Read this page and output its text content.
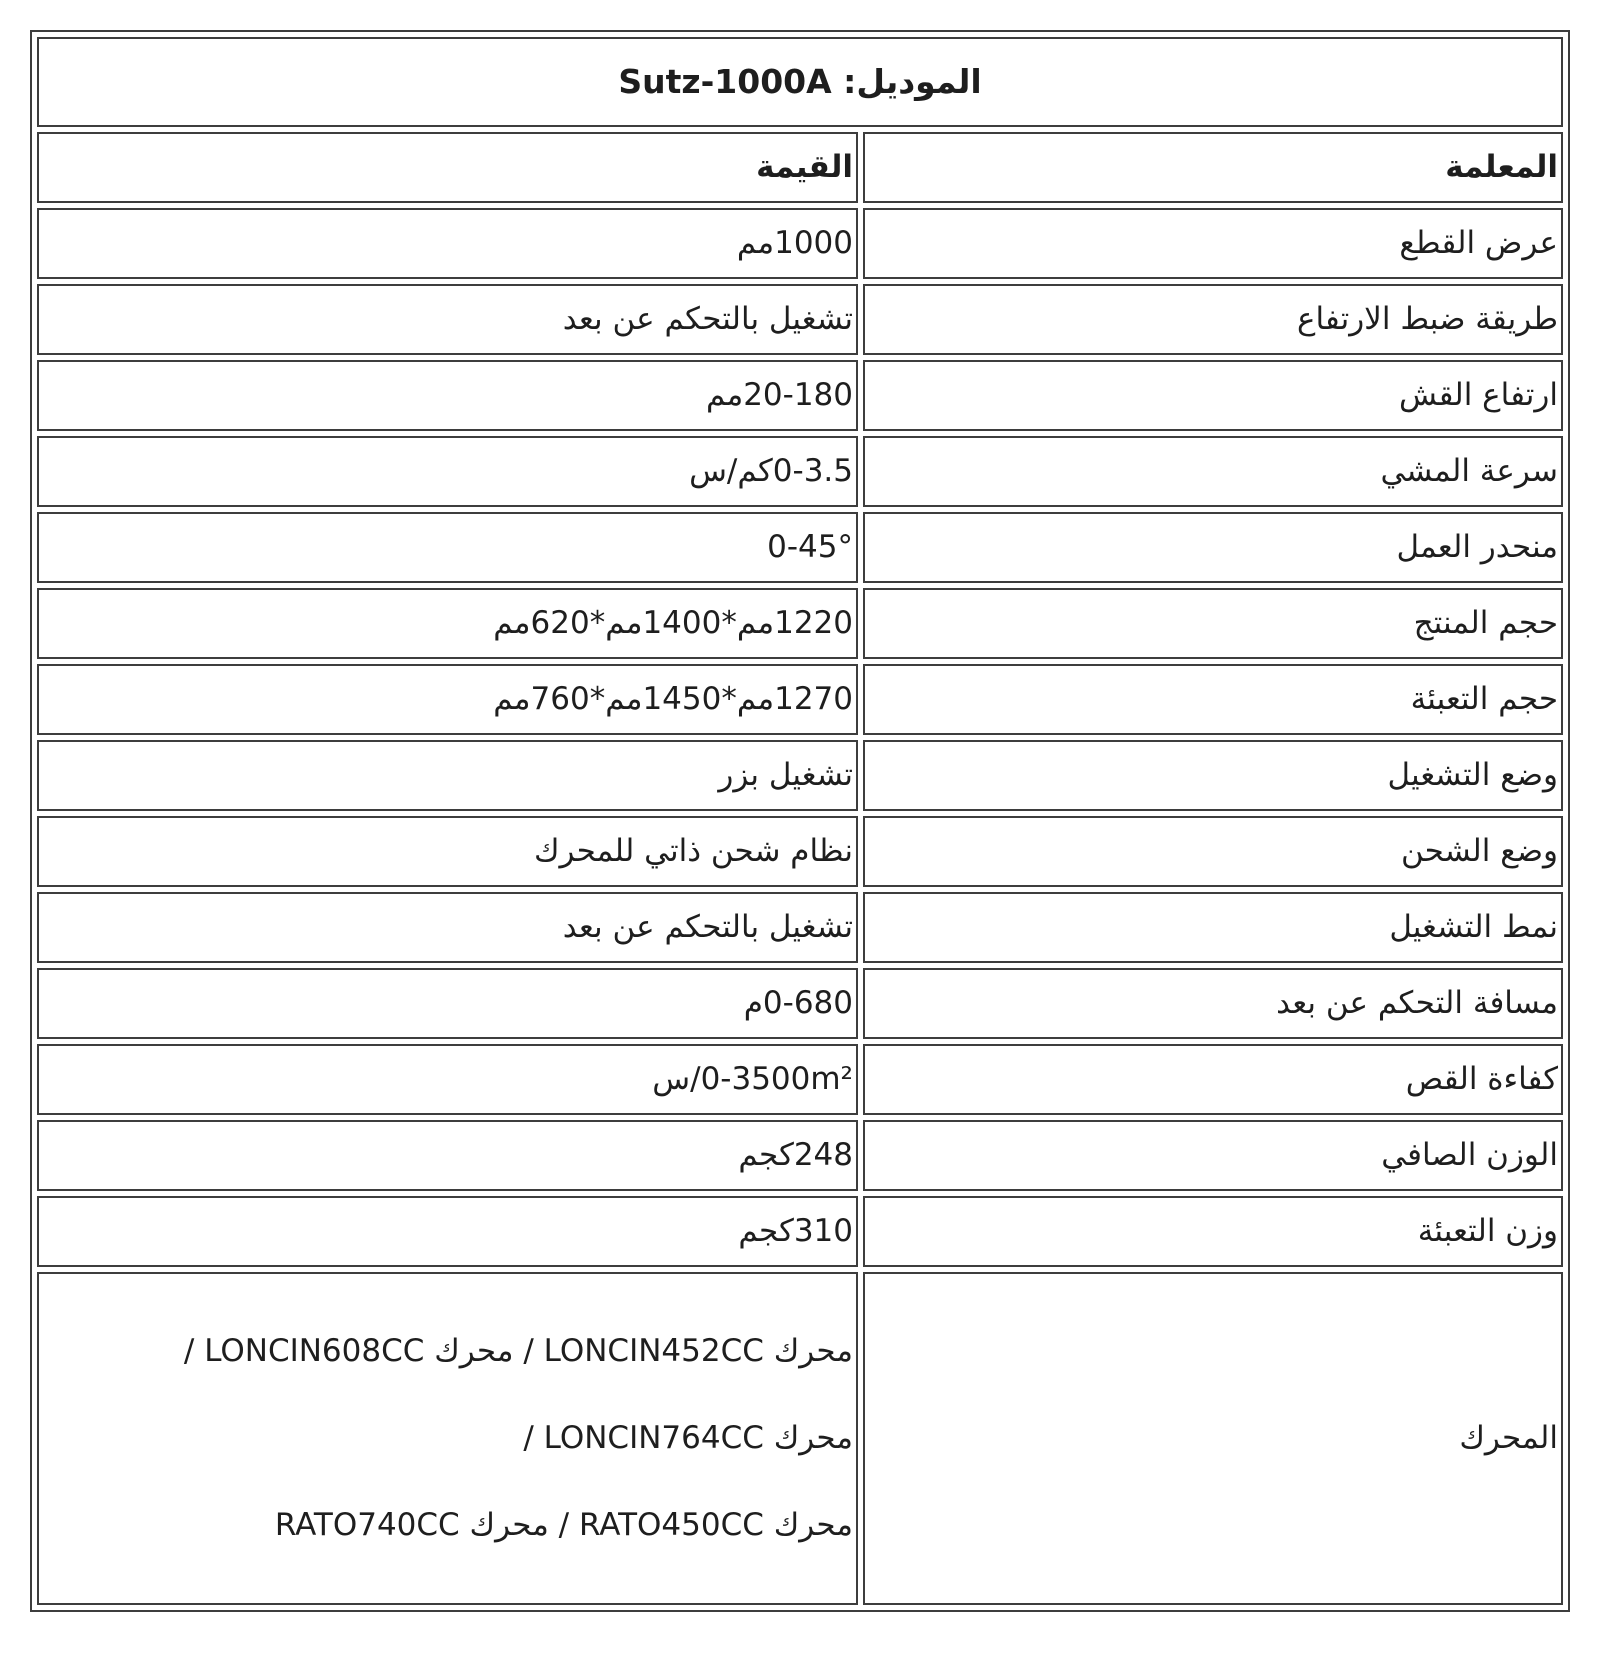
الموديل: Sutz-1000A	
المعلمة	القيمة
عرض القطع	1000مم
طريقة ضبط الارتفاع	تشغيل بالتحكم عن بعد
ارتفاع القش	20-180مم
سرعة المشي	0-3.5كم/س
منحدر العمل	0-45°
حجم المنتج	1220مم*1400مم*620مم
حجم التعبئة	1270مم*1450مم*760مم
وضع التشغيل	تشغيل بزر
وضع الشحن	نظام شحن ذاتي للمحرك
نمط التشغيل	تشغيل بالتحكم عن بعد
مسافة التحكم عن بعد	0-680م
كفاءة القص	0-3500m²/س
الوزن الصافي	248كجم
وزن التعبئة	310كجم
المحرك	محرك LONCIN452CC / محرك LONCIN608CC /

محرك LONCIN764CC /

محرك RATO450CC / محرك RATO740CC
